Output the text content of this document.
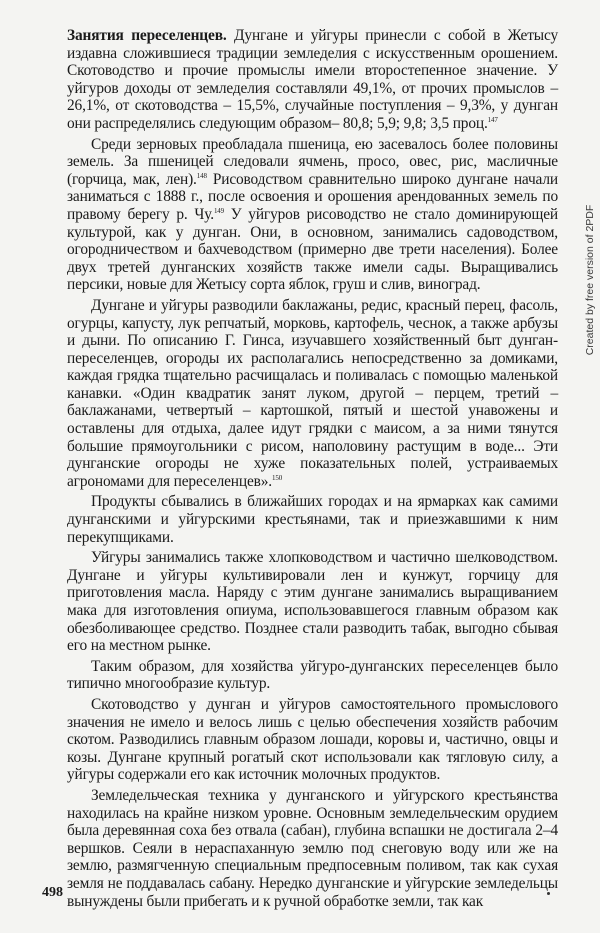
Занятия переселенцев. Дунгане и уйгуры принесли с собой в Жетысу издавна сложившиеся традиции земледелия с искусственным орошением. Скотоводство и прочие промыслы имели второстепенное значение. У уйгуров доходы от земледелия составляли 49,1%, от прочих промыслов – 26,1%, от скотоводства – 15,5%, случайные поступления – 9,3%, у дунган они распределялись следующим образом– 80,8; 5,9; 9,8; 3,5 проц.$^{147}$

Среди зерновых преобладала пшеница, ею засевалось более половины земель. За пшеницей следовали ячмень, просо, овес, рис, масличные (горчица, мак, лен).$^{148}$ Рисоводством сравнительно широко дунгане начали заниматься с 1888 г., после освоения и орошения арендованных земель по правому берегу р. Чу.$^{149}$ У уйгуров рисоводство не стало доминирующей культурой, как у дунган. Они, в основном, занимались садоводством, огородничеством и бахчеводством (примерно две трети населения). Более двух третей дунганских хозяйств также имели сады. Выращивались персики, новые для Жетысу сорта яблок, груш и слив, виноград.

Дунгане и уйгуры разводили баклажаны, редис, красный перец, фасоль, огурцы, капусту, лук репчатый, морковь, картофель, чеснок, а также арбузы и дыни. По описанию Г. Гинса, изучавшего хозяйственный быт дунган-переселенцев, огороды их располагались непосредственно за домиками, каждая грядка тщательно расчищалась и поливалась с помощью маленькой канавки. «Один квадратик занят луком, другой – перцем, третий – баклажанами, четвертый – картошкой, пятый и шестой унавожены и оставлены для отдыха, далее идут грядки с маисом, а за ними тянутся большие прямоугольники с рисом, наполовину растущим в воде... Эти дунганские огороды не хуже показательных полей, устраиваемых агрономами для переселенцев».$^{150}$

Продукты сбывались в ближайших городах и на ярмарках как самими дунганскими и уйгурскими крестьянами, так и приезжавшими к ним перекупщиками.

Уйгуры занимались также хлопководством и частично шелководством. Дунгане и уйгуры культивировали лен и кунжут, горчицу для приготовления масла. Наряду с этим дунгане занимались выращиванием мака для изготовления опиума, использовавшегося главным образом как обезболивающее средство. Позднее стали разводить табак, выгодно сбывая его на местном рынке.

Таким образом, для хозяйства уйгуро-дунганских переселенцев было типично многообразие культур.

Скотоводство у дунган и уйгуров самостоятельного промыслового значения не имело и велось лишь с целью обеспечения хозяйств рабочим скотом. Разводились главным образом лошади, коровы и, частично, овцы и козы. Дунгане крупный рогатый скот использовали как тягловую силу, а уйгуры содержали его как источник молочных продуктов.

Земледельческая техника у дунганского и уйгурского крестьянства находилась на крайне низком уровне. Основным земледельческим орудием была деревянная соха без отвала (сабан), глубина вспашки не достигала 2–4 вершков. Сеяли в нераспаханную землю под снеговую воду или же на землю, размягченную специальным предпосевным поливом, так как сухая земля не поддавалась сабану. Нередко дунганские и уйгурские земледельцы вынуждены были прибегать и к ручной обработке земли, так как

Created by free version of 2PDF
498
